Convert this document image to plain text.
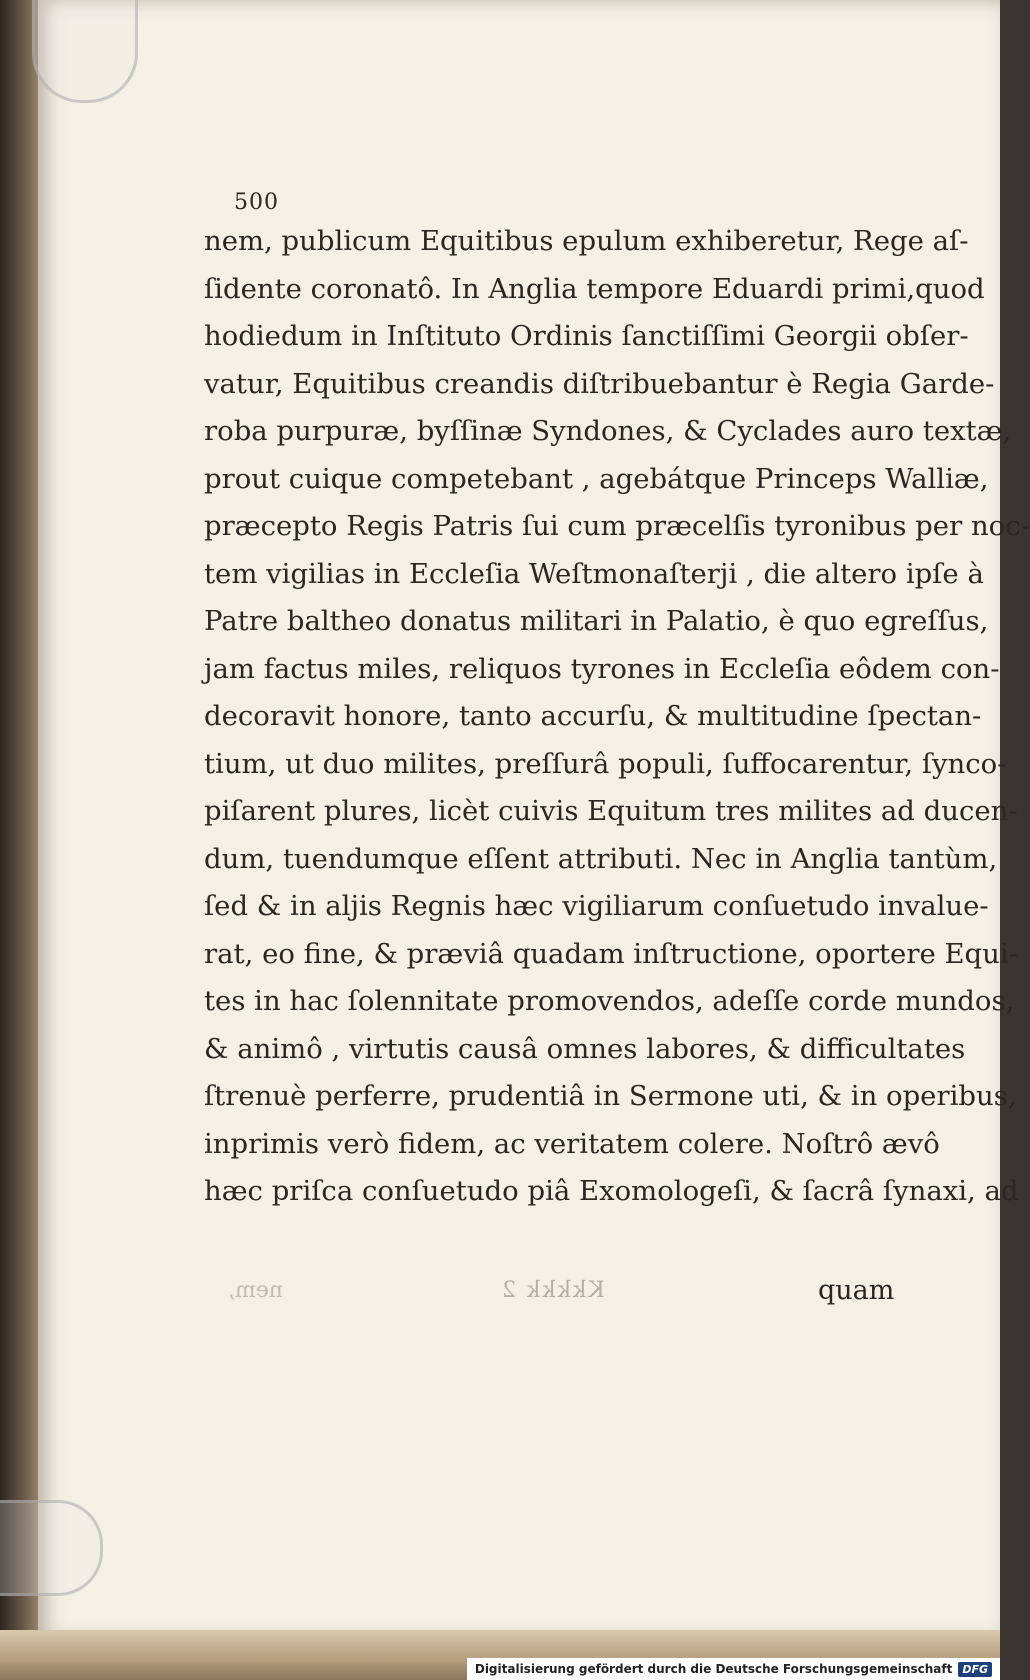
500
nem, publicum Equitibus epulum exhiberetur, Rege aſ-
ſidente coronatô. In Anglia tempore Eduardi primi,quod
hodiedum in Inſtituto Ordinis ſanctiſſimi Georgii obſer-
vatur, Equitibus creandis diſtribuebantur è Regia Garde-
roba purpuræ, byſſinæ Syndones, & Cyclades auro textæ,
prout cuique competebant , agebátque Princeps Walliæ,
præcepto Regis Patris ſui cum præcelſis tyronibus per noc-
tem vigilias in Eccleſia Weſtmonaſterji , die altero ipſe à
Patre baltheo donatus militari in Palatio, è quo egreſſus,
jam factus miles, reliquos tyrones in Eccleſia eôdem con-
decoravit honore, tanto accurſu, & multitudine ſpectan-
tium, ut duo milites, preſſurâ populi, ſuffocarentur, ſynco-
piſarent plures, licèt cuivis Equitum tres milites ad ducen-
dum, tuendumque eſſent attributi. Nec in Anglia tantùm,
ſed & in aljis Regnis hæc vigiliarum conſuetudo invalue-
rat, eo fine, & præviâ quadam inſtructione, oportere Equi-
tes in hac ſolennitate promovendos, adeſſe corde mundos,
& animô , virtutis causâ omnes labores, & difficultates
ſtrenuè perferre, prudentiâ in Sermone uti, & in operibus,
inprimis verò fidem, ac veritatem colere. Noſtrô ævô
hæc priſca conſuetudo piâ Exomologeſi, & ſacrâ ſynaxi, ad
nem,	Kkkkk 2	quam
Digitalisierung gefördert durch die Deutsche Forschungsgemeinschaft DFG
